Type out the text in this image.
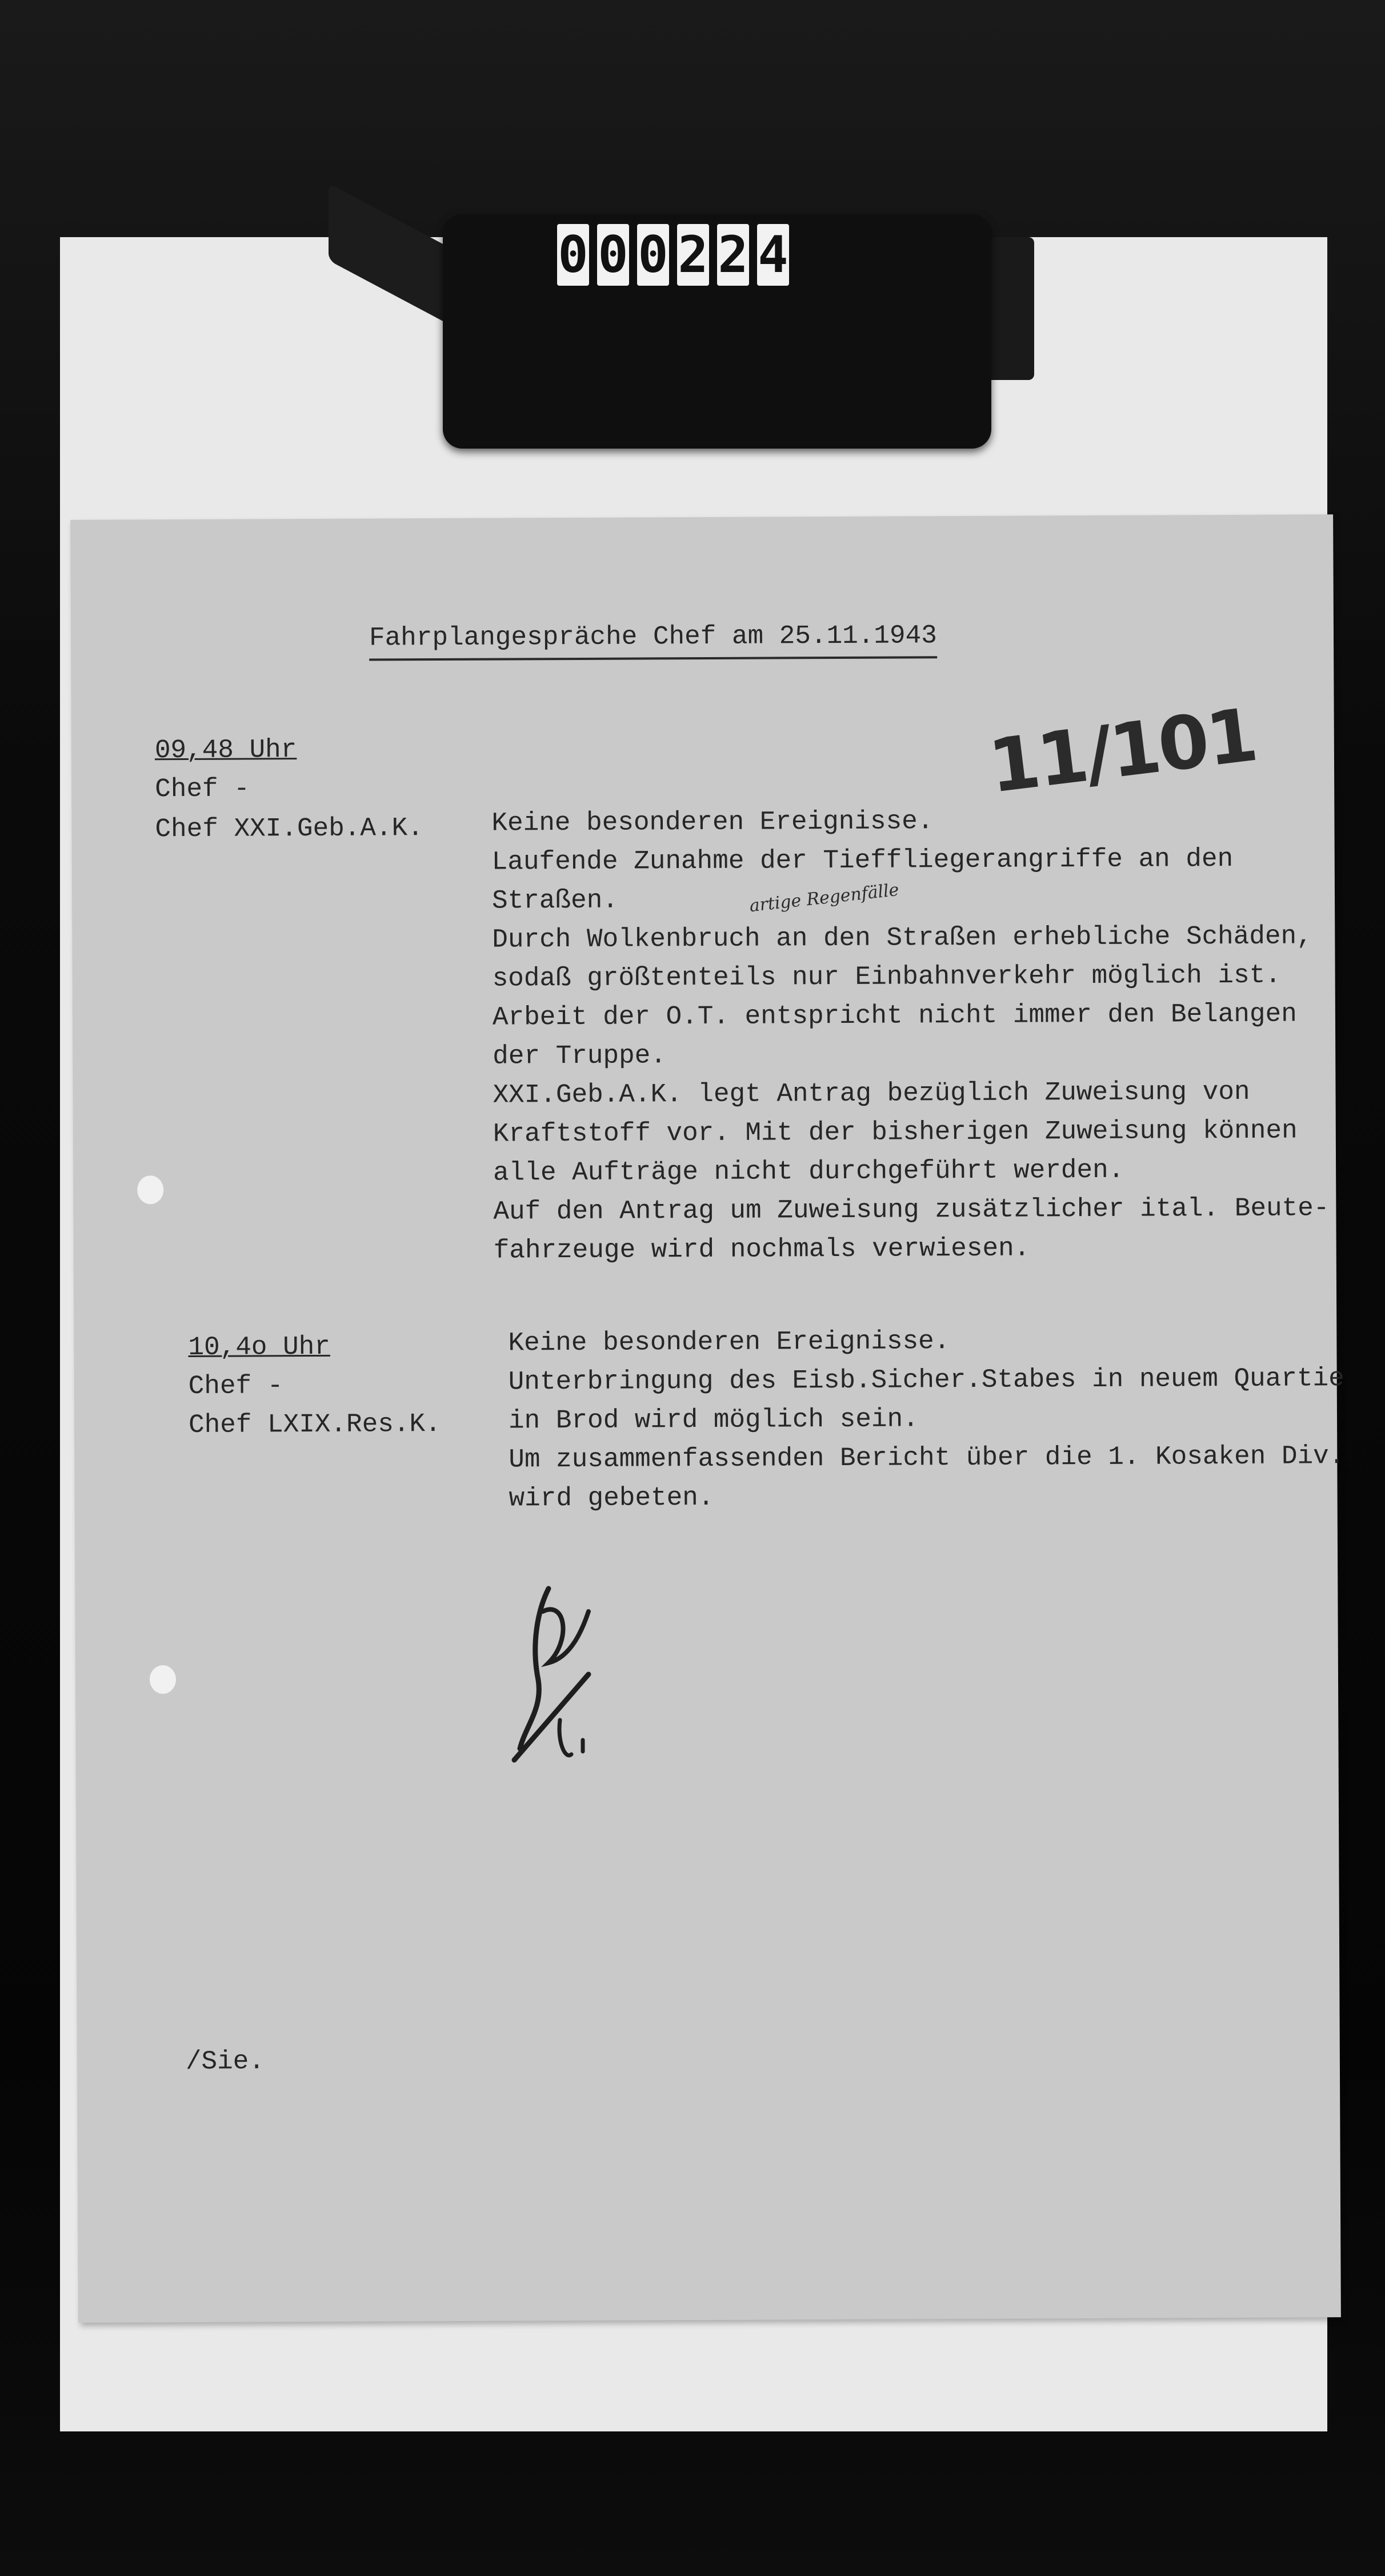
0 0 0 2 2 4

Fahrplangespräche Chef am 25.11.1943

09,48 Uhr

Chef -

Chef XXI.Geb.A.K.	Keine besonderen Ereignisse.

Laufende Zunahme der Tieffliegerangriffe an den

Straßen.

Durch Wolkenbruch an den Straßen erhebliche Schäden,

sodaß größtenteils nur Einbahnverkehr möglich ist.

Arbeit der O.T. entspricht nicht immer den Belangen

der Truppe.

XXI.Geb.A.K. legt Antrag bezüglich Zuweisung von

Kraftstoff vor. Mit der bisherigen Zuweisung können

alle Aufträge nicht durchgeführt werden.

Auf den Antrag um Zuweisung zusätzlicher ital. Beute-

fahrzeuge wird nochmals verwiesen.

artige Regenfälle

10,4o Uhr

Chef -

Chef LXIX.Res.K.

Keine besonderen Ereignisse.

Unterbringung des Eisb.Sicher.Stabes in neuem Quartie

in Brod wird möglich sein.

Um zusammenfassenden Bericht über die 1. Kosaken Div.

wird gebeten.

/Sie.

11/101
